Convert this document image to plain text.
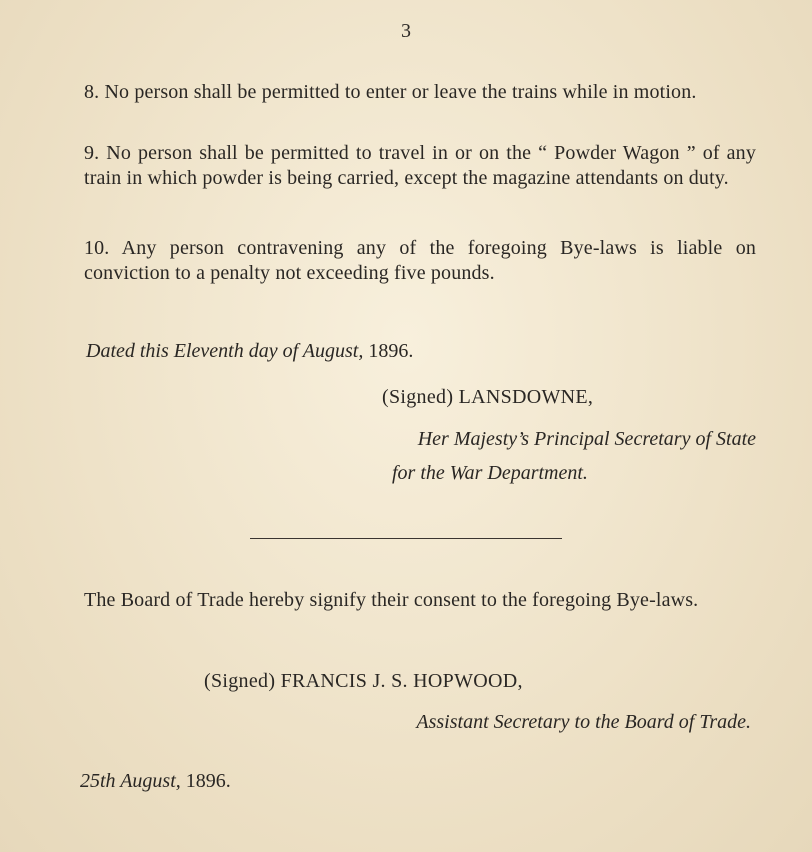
3
8. No person shall be permitted to enter or leave the trains while in motion.
9. No person shall be permitted to travel in or on the “ Powder Wagon ” of any train in which powder is being carried, except the magazine attendants on duty.
10. Any person contravening any of the foregoing Bye-laws is liable on conviction to a penalty not exceeding five pounds.
Dated this Eleventh day of August, 1896.
(Signed) LANSDOWNE,
Her Majesty’s Principal Secretary of State
for the War Department.
The Board of Trade hereby signify their consent to the foregoing Bye-laws.
(Signed) FRANCIS J. S. HOPWOOD,
Assistant Secretary to the Board of Trade.
25th August, 1896.
